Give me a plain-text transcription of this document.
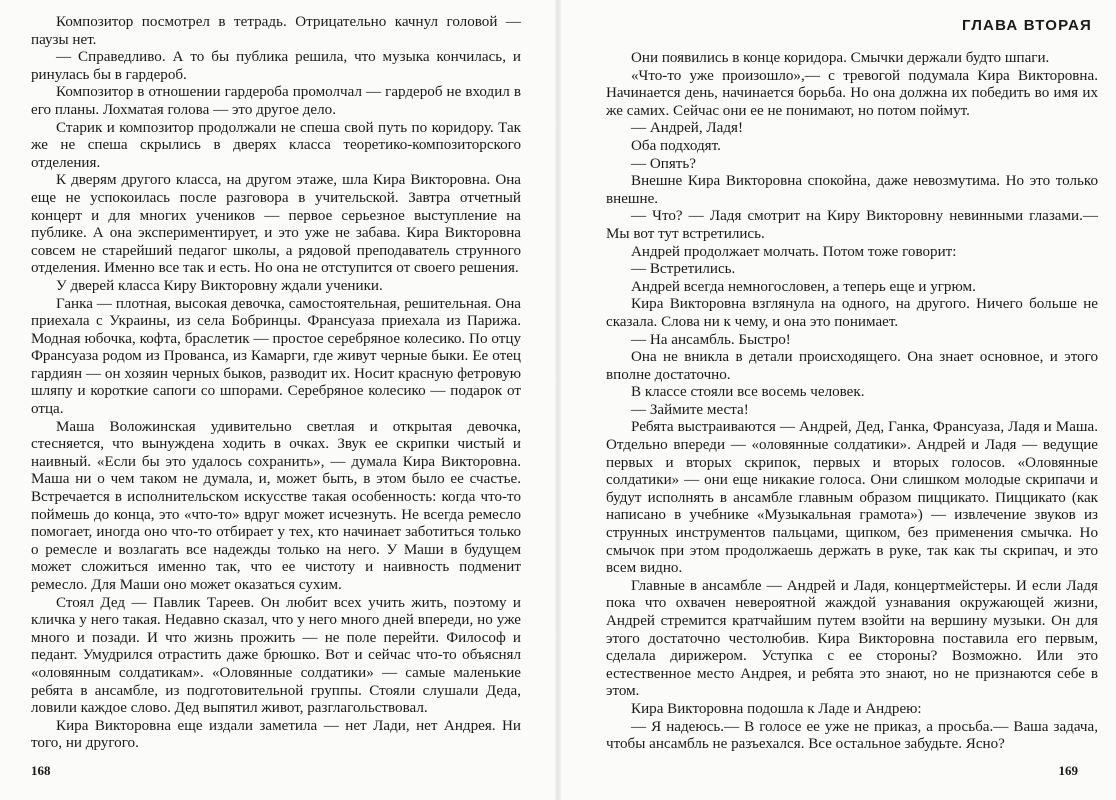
Композитор посмотрел в тетрадь. Отрицательно качнул головой — паузы нет.

— Справедливо. А то бы публика решила, что музыка кончилась, и ринулась бы в гардероб.

Композитор в отношении гардероба промолчал — гардероб не входил в его планы. Лохматая голова — это другое дело.

Старик и композитор продолжали не спеша свой путь по коридору. Так же не спеша скрылись в дверях класса теоретико-композиторского отделения.

К дверям другого класса, на другом этаже, шла Кира Викторовна. Она еще не успокоилась после разговора в учительской. Завтра отчетный концерт и для многих учеников — первое серьезное выступление на публике. А она экспериментирует, и это уже не забава. Кира Викторовна совсем не старейший педагог школы, а рядовой преподаватель струнного отделения. Именно все так и есть. Но она не отступится от своего решения.

У дверей класса Киру Викторовну ждали ученики.

Ганка — плотная, высокая девочка, самостоятельная, решительная. Она приехала с Украины, из села Бобринцы. Франсуаза приехала из Парижа. Модная юбочка, кофта, браслетик — простое серебряное колесико. По отцу Франсуаза родом из Прованса, из Камарги, где живут черные быки. Ее отец гардиян — он хозяин черных быков, разводит их. Носит красную фетровую шляпу и короткие сапоги со шпорами. Серебряное колесико — подарок от отца.

Маша Воложинская удивительно светлая и открытая девочка, стесняется, что вынуждена ходить в очках. Звук ее скрипки чистый и наивный. «Если бы это удалось сохранить», — думала Кира Викторовна. Маша ни о чем таком не думала, и, может быть, в этом было ее счастье. Встречается в исполнительском искусстве такая особенность: когда что-то поймешь до конца, это «что-то» вдруг может исчезнуть. Не всегда ремесло помогает, иногда оно что-то отбирает у тех, кто начинает заботиться только о ремесле и возлагать все надежды только на него. У Маши в будущем может сложиться именно так, что ее чистоту и наивность подменит ремесло. Для Маши оно может оказаться сухим.

Стоял Дед — Павлик Тареев. Он любит всех учить жить, поэтому и кличка у него такая. Недавно сказал, что у него много дней впереди, но уже много и позади. И что жизнь прожить — не поле перейти. Философ и педант. Умудрился отрастить даже брюшко. Вот и сейчас что-то объяснял «оловянным солдатикам». «Оловянные солдатики» — самые маленькие ребята в ансамбле, из подготовительной группы. Стояли слушали Деда, ловили каждое слово. Дед выпятил живот, разглагольствовал.

Кира Викторовна еще издали заметила — нет Лади, нет Андрея. Ни того, ни другого.

168
ГЛАВА ВТОРАЯ

Они появились в конце коридора. Смычки держали будто шпаги.

«Что-то уже произошло»,— с тревогой подумала Кира Викторовна. Начинается день, начинается борьба. Но она должна их победить во имя их же самих. Сейчас они ее не понимают, но потом поймут.

— Андрей, Ладя!

Оба подходят.

— Опять?

Внешне Кира Викторовна спокойна, даже невозмутима. Но это только внешне.

— Что? — Ладя смотрит на Киру Викторовну невинными глазами.— Мы вот тут встретились.

Андрей продолжает молчать. Потом тоже говорит:

— Встретились.

Андрей всегда немногословен, а теперь еще и угрюм.

Кира Викторовна взглянула на одного, на другого. Ничего больше не сказала. Слова ни к чему, и она это понимает.

— На ансамбль. Быстро!

Она не вникла в детали происходящего. Она знает основное, и этого вполне достаточно.

В классе стояли все восемь человек.

— Займите места!

Ребята выстраиваются — Андрей, Дед, Ганка, Франсуаза, Ладя и Маша. Отдельно впереди — «оловянные солдатики». Андрей и Ладя — ведущие первых и вторых скрипок, первых и вторых голосов. «Оловянные солдатики» — они еще никакие голоса. Они слишком молодые скрипачи и будут исполнять в ансамбле главным образом пиццикато. Пиццикато (как написано в учебнике «Музыкальная грамота») — извлечение звуков из струнных инструментов пальцами, щипком, без применения смычка. Но смычок при этом продолжаешь держать в руке, так как ты скрипач, и это всем видно.

Главные в ансамбле — Андрей и Ладя, концертмейстеры. И если Ладя пока что охвачен невероятной жаждой узнавания окружающей жизни, Андрей стремится кратчайшим путем взойти на вершину музыки. Он для этого достаточно честолюбив. Кира Викторовна поставила его первым, сделала дирижером. Уступка с ее стороны? Возможно. Или это естественное место Андрея, и ребята это знают, но не признаются себе в этом.

Кира Викторовна подошла к Ладе и Андрею:

— Я надеюсь.— В голосе ее уже не приказ, а просьба.— Ваша задача, чтобы ансамбль не разъехался. Все остальное забудьте. Ясно?

169
